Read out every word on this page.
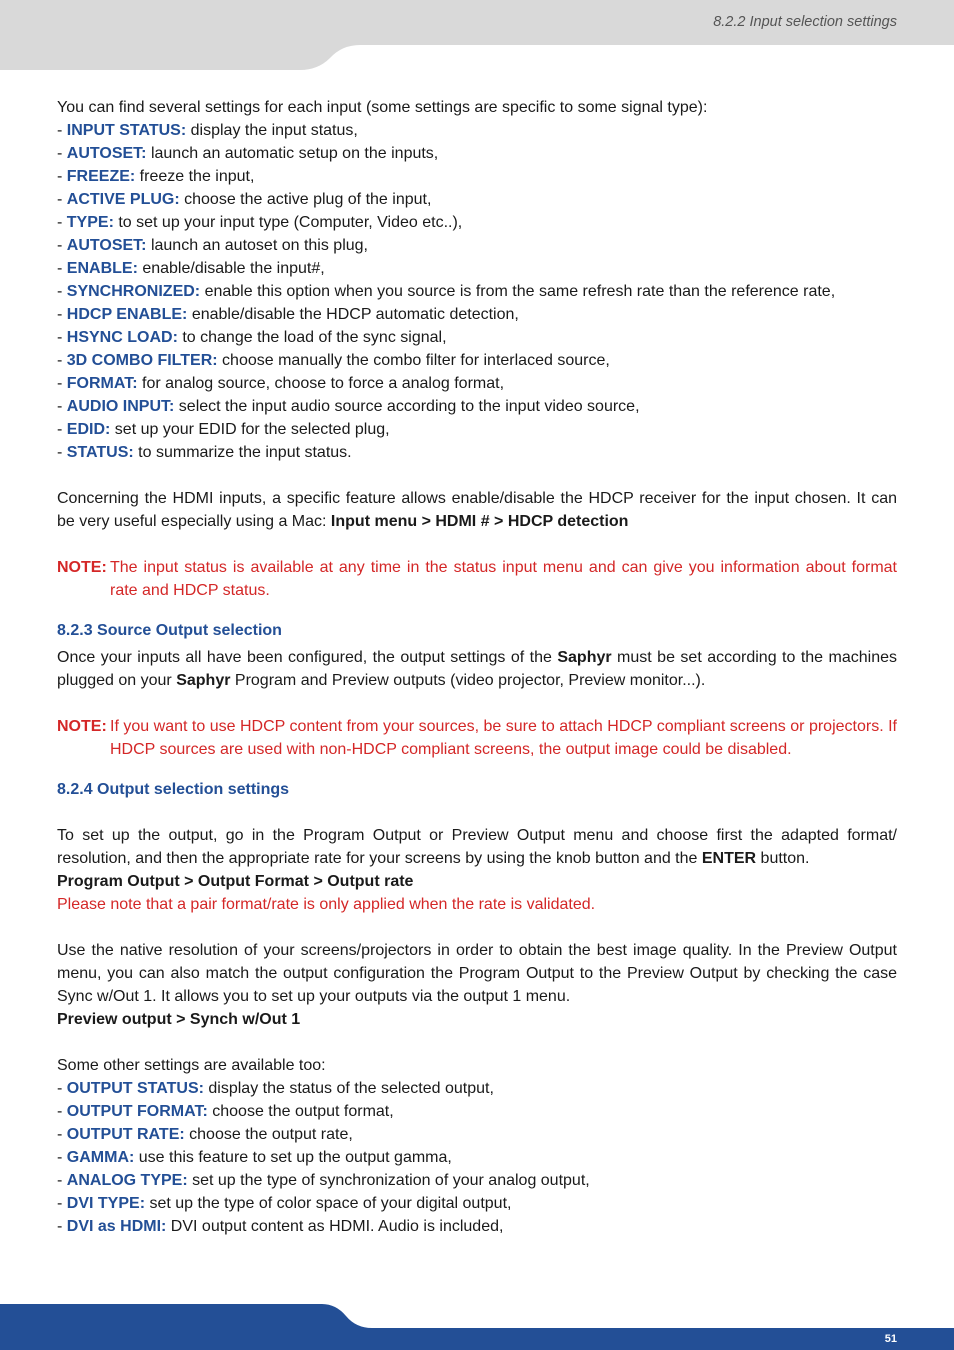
8.2.2 Input selection settings
51
You can find several settings for each input (some settings are specific to some signal type):
- INPUT STATUS: display the input status,
- AUTOSET: launch an automatic setup on the inputs,
- FREEZE: freeze the input,
- ACTIVE PLUG: choose the active plug of the input,
- TYPE: to set up your input type (Computer, Video etc..),
- AUTOSET: launch an autoset on this plug,
- ENABLE: enable/disable the input#,
- SYNCHRONIZED: enable this option when you source is from the same refresh rate than the reference rate,
- HDCP ENABLE: enable/disable the HDCP automatic detection,
- HSYNC LOAD: to change the load of the sync signal,
- 3D COMBO FILTER: choose manually the combo filter for interlaced source,
- FORMAT: for analog source, choose to force a analog format,
- AUDIO INPUT: select the input audio source according to the input video source,
- EDID: set up your EDID for the selected plug,
- STATUS: to summarize the input status.
Concerning the HDMI inputs, a specific feature allows enable/disable the HDCP receiver for the input chosen. It can be very useful especially using a Mac: Input menu > HDMI # > HDCP detection
NOTE: The input status is available at any time in the status input menu and can give you information about format rate and HDCP status.
8.2.3 Source Output selection
Once your inputs all have been configured, the output settings of the Saphyr must be set according to the machines plugged on your Saphyr Program and Preview outputs (video projector, Preview monitor...).
NOTE: If you want to use HDCP content from your sources, be sure to attach HDCP compliant screens or projectors. If HDCP sources are used with non-HDCP compliant screens, the output image could be disabled.
8.2.4 Output selection settings
To set up the output, go in the Program Output or Preview Output menu and choose first the adapted format/ resolution, and then the appropriate rate for your screens by using the knob button and the ENTER button.
Program Output > Output Format > Output rate
Please note that a pair format/rate is only applied when the rate is validated.
Use the native resolution of your screens/projectors in order to obtain the best image quality. In the Preview Output menu, you can also match the output configuration the Program Output to the Preview Output by checking the case Sync w/Out 1. It allows you to set up your outputs via the output 1 menu.
Preview output > Synch w/Out 1
Some other settings are available too:
- OUTPUT STATUS: display the status of the selected output,
- OUTPUT FORMAT: choose the output format,
- OUTPUT RATE: choose the output rate,
- GAMMA: use this feature to set up the output gamma,
- ANALOG TYPE: set up the type of synchronization of your analog output,
- DVI TYPE: set up the type of color space of your digital output,
- DVI as HDMI: DVI output content as HDMI. Audio is included,
